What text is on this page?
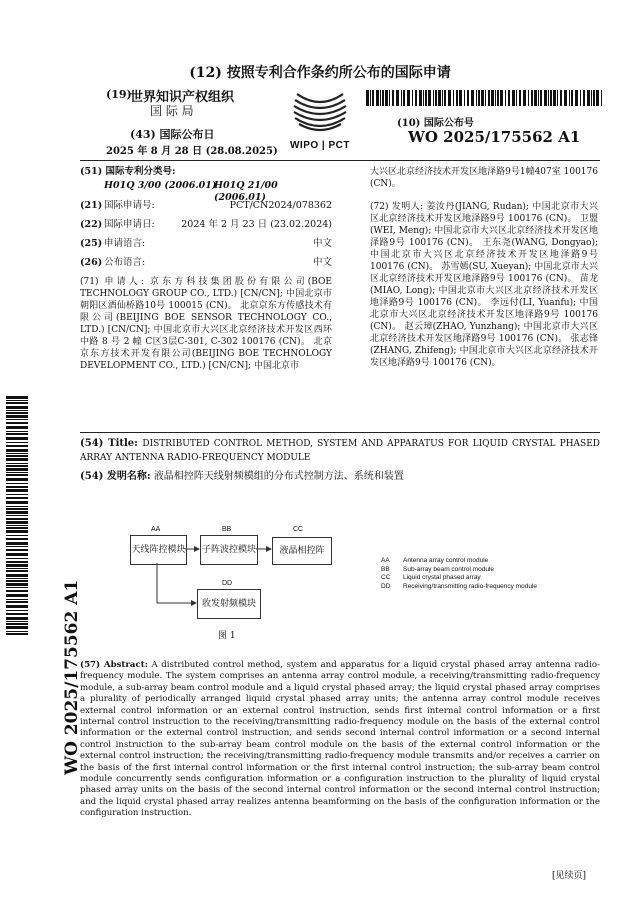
(12) 按照专利合作条约所公布的国际申请
(19)
世界知识产权组织
国 际 局
(43) 国际公布日
2025 年 8 月 28 日 (28.08.2025)
WIPO | PCT
(10) 国际公布号
WO 2025/175562 A1
(51) 国际专利分类号:
H01Q 3/00 (2006.01)
H01Q 21/00 (2006.01)
(21) 国际申请号:	PCT/CN2024/078362
(22) 国际申请日:	2024 年 2 月 23 日 (23.02.2024)
(25) 申请语言:	中文
(26) 公布语言:	中文
(71) 申请人: 京东方科技集团股份有限公司(BOE TECHNOLOGY GROUP CO., LTD.) [CN/CN]; 中国北京市朝阳区酒仙桥路10号 100015 (CN)。 北京京东方传感技术有限公司(BEIJING BOE SENSOR TECHNOLOGY CO., LTD.) [CN/CN]; 中国北京市大兴区北京经济技术开发区西环中路 8 号 2 幢 C区3层C-301, C-302 100176 (CN)。 北京京东方技术开发有限公司(BEIJING BOE TECHNOLOGY DEVELOPMENT CO., LTD.) [CN/CN]; 中国北京市
大兴区北京经济技术开发区地泽路9号1幢407室 100176 (CN)。
(72) 发明人: 姜汝丹(JIANG, Rudan); 中国北京市大兴区北京经济技术开发区地泽路9号 100176 (CN)。 卫盟(WEI, Meng); 中国北京市大兴区北京经济技术开发区地泽路9号 100176 (CN)。 王东尧(WANG, Dongyao); 中国北京市大兴区北京经济技术开发区地泽路9号 100176 (CN)。 苏雪嫣(SU, Xueyan); 中国北京市大兴区北京经济技术开发区地泽路9号 100176 (CN)。 苗龙(MIAO, Long); 中国北京市大兴区北京经济技术开发区地泽路9号 100176 (CN)。 李远付(LI, Yuanfu); 中国北京市大兴区北京经济技术开发区地泽路9号 100176 (CN)。 赵云璋(ZHAO, Yunzhang); 中国北京市大兴区北京经济技术开发区地泽路9号 100176 (CN)。 张志锋(ZHANG, Zhifeng); 中国北京市大兴区北京经济技术开发区地泽路9号 100176 (CN)。
WO 2025/175562 A1
(54) Title: DISTRIBUTED CONTROL METHOD, SYSTEM AND APPARATUS FOR LIQUID CRYSTAL PHASED ARRAY ANTENNA RADIO-FREQUENCY MODULE
(54) 发明名称: 液晶相控阵天线射频模组的分布式控制方法、系统和装置
AA	BB	CC
DD
天线阵控模块 子阵波控模块	液晶相控阵
收发射频模块
图 1
AA Antenna array control module
BB Sub-array beam control module
CC Liquid crystal phased array
DD Receiving/transmitting radio-frequency module
(57) Abstract: A distributed control method, system and apparatus for a liquid crystal phased array antenna radio-frequency module. The system comprises an antenna array control module, a receiving/transmitting radio-frequency module, a sub-array beam control module and a liquid crystal phased array; the liquid crystal phased array comprises a plurality of periodically arranged liquid crystal phased array units; the antenna array control module receives external control information or an external control instruction, sends first internal control information or a first internal control instruction to the receiving/transmitting radio-frequency module on the basis of the external control information or the external control instruction, and sends second internal control information or a second internal control instruction to the sub-array beam control module on the basis of the external control information or the external control instruction; the receiving/transmitting radio-frequency module transmits and/or receives a carrier on the basis of the first internal control information or the first internal control instruction; the sub-array beam control module concurrently sends configuration information or a configuration instruction to the plurality of liquid crystal phased array units on the basis of the second internal control information or the second internal control instruction; and the liquid crystal phased array realizes antenna beamforming on the basis of the configuration information or the configuration instruction.
[见续页]
